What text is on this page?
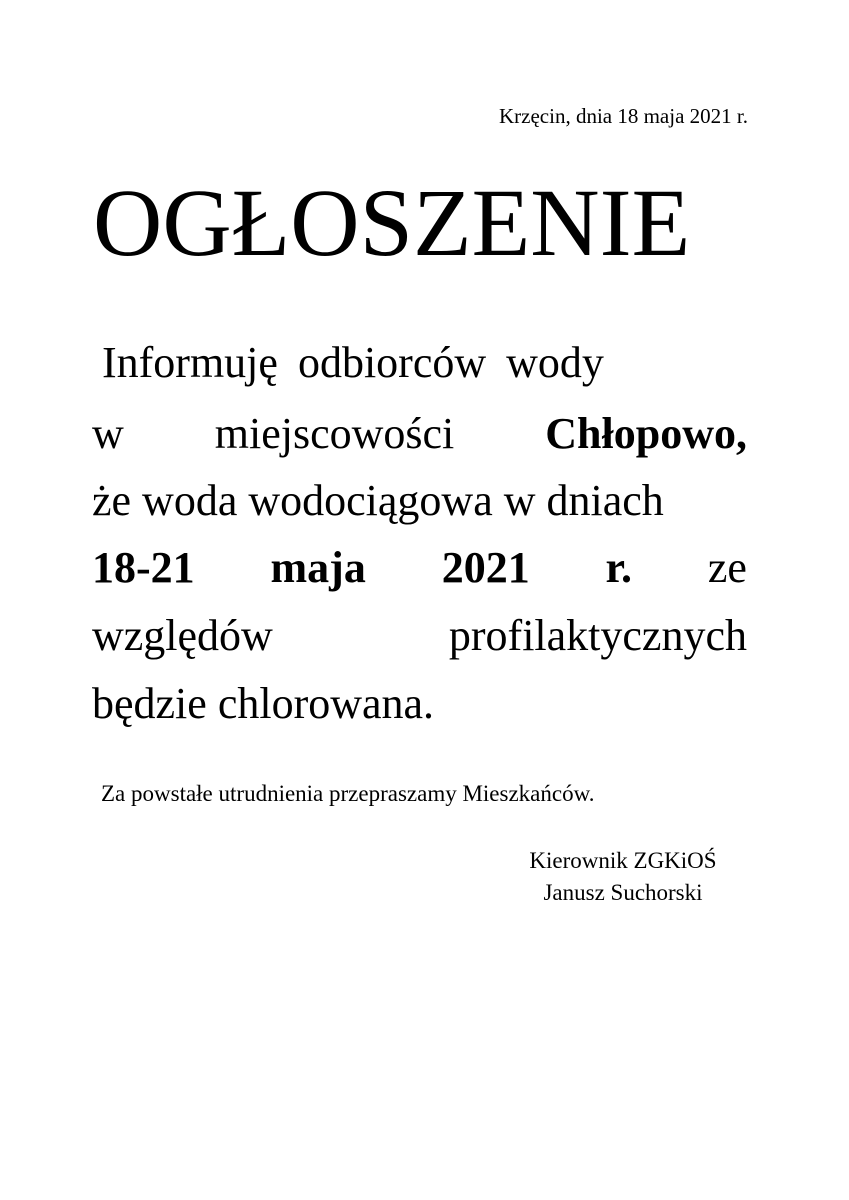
Krzęcin, dnia 18 maja 2021 r.
OGŁOSZENIE
Informuję odbiorców wody
w miejscowości Chłopowo,
że woda wodociągowa w dniach
18-21 maja 2021 r. ze
względów	profilaktycznych
będzie chlorowana.
Za powstałe utrudnienia przepraszamy Mieszkańców.
Kierownik ZGKiOŚ
Janusz Suchorski
